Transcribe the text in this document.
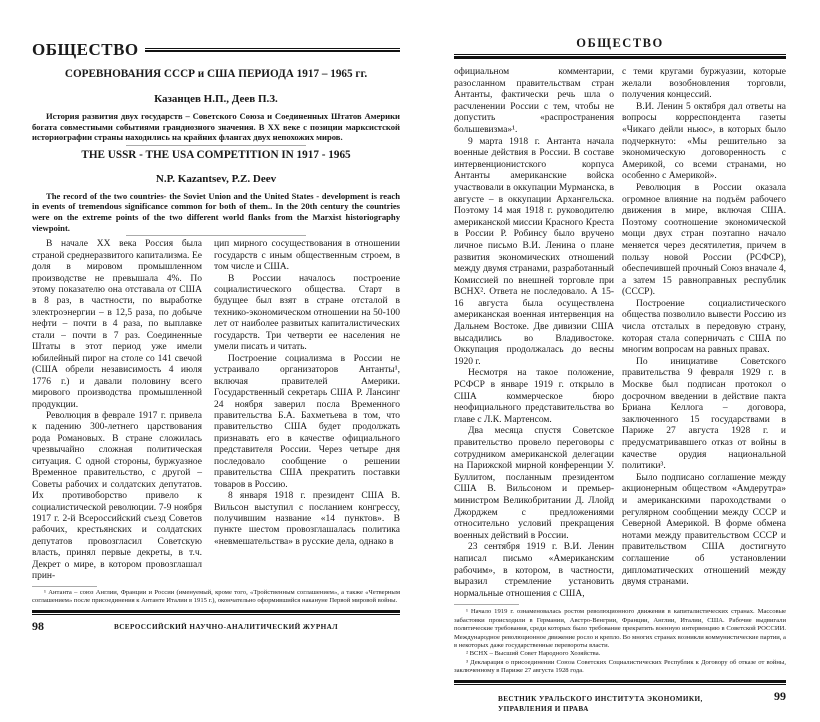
ОБЩЕСТВО
СОРЕВНОВАНИЯ СССР и США ПЕРИОДА 1917 – 1965 гг.
Казанцев Н.П., Деев П.З.
История развития двух государств – Советского Союза и Соединенных Штатов Америки богата совместными событиями грандиозного значения. В XX веке с позиции марксистской историографии страны находились на крайних флангах двух непохожих миров.
THE USSR - THE USA COMPETITION IN 1917 - 1965
N.P. Kazantsev, P.Z. Deev
The record of the two countries- the Soviet Union and the United States - development is reach in events of tremendous significance common for both of them.. In the 20th century the countries were on the extreme points of the two different world flanks from the Marxist historiography viewpoint.

В начале XX века Россия была страной среднеразвитого капитализма. Ее доля в мировом промышленном производстве не превышала 4%. По этому показателю она отставала от США в 8 раз, в частности, по выработке электроэнергии – в 12,5 раза, по добыче нефти – почти в 4 раза, по выплавке стали – почти в 7 раз. Соединенные Штаты в этот период уже имели юбилейный пирог на столе со 141 свечой (США обрели независимость 4 июля 1776 г.) и давали половину всего мирового производства промышленной продукции.

Революция в феврале 1917 г. привела к падению 300-летнего царствования рода Романовых. В стране сложилась чрезвычайно сложная политическая ситуация. С одной стороны, буржуазное Временное правительство, с другой – Советы рабочих и солдатских депутатов. Их противоборство привело к социалистической революции. 7-9 ноября 1917 г. 2-й Всероссийский съезд Советов рабочих, крестьянских и солдатских депутатов провозгласил Советскую власть, принял первые декреты, в т.ч. Декрет о мире, в котором провозглашал прин-

цип мирного сосуществования в отношении государств с иным общественным строем, в том числе и США.

В России началось построение социалистического общества. Старт в будущее был взят в стране отсталой в технико-экономическом отношении на 50-100 лет от наиболее развитых капиталистических государств. Три четверти ее населения не умели писать и читать.

Построение социализма в России не устраивало организаторов Антанты¹, включая правителей Америки. Государственный секретарь США Р. Лансинг 24 ноября заверил посла Временного правительства Б.А. Бахметьева в том, что правительство США будет продолжать признавать его в качестве официального представителя России. Через четыре дня последовало сообщение о решении правительства США прекратить поставки товаров в Россию.

8 января 1918 г. президент США В. Вильсон выступил с посланием конгрессу, получившим название «14 пунктов». В пункте шестом провозглашалась политика «невмешательства» в русские дела, однако в

¹ Антанта – союз Англии, Франции и России (именуемый, кроме того, «Тройственным соглашением», а также «Четверным соглашением» после присоединения к Антанте Италии в 1915 г.), окончательно оформившийся накануне Первой мировой войны.

98	ВСЕРОССИЙСКИЙ НАУЧНО-АНАЛИТИЧЕСКИЙ ЖУРНАЛ
ОБЩЕСТВО

официальном комментарии, разосланном правительствам стран Антанты, фактически речь шла о расчленении России с тем, чтобы не допустить «распространения большевизма»¹.

9 марта 1918 г. Антанта начала военные действия в России. В составе интервенционистского корпуса Антанты американские войска участвовали в оккупации Мурманска, в августе – в оккупации Архангельска. Поэтому 14 мая 1918 г. руководителю американской миссии Красного Креста в России Р. Робинсу было вручено личное письмо В.И. Ленина о плане развития экономических отношений между двумя странами, разработанный Комиссией по внешней торговле при ВСНХ². Ответа не последовало. А 15-16 августа была осуществлена американская военная интервенция на Дальнем Востоке. Две дивизии США высадились во Владивостоке. Оккупация продолжалась до весны 1920 г.

Несмотря на такое положение, РСФСР в январе 1919 г. открыло в США коммерческое бюро неофициального представительства во главе с Л.К. Мартенсом.

Два месяца спустя Советское правительство провело переговоры с сотрудником американской делегации на Парижской мирной конференции У. Буллитом, посланным президентом США В. Вильсоном и премьер-министром Великобритании Д. Ллойд Джорджем с предложениями относительно условий прекращения военных действий в России.

23 сентября 1919 г. В.И. Ленин написал письмо «Американским рабочим», в котором, в частности, выразил стремление установить нормальные отношения с США,

с теми кругами буржуазии, которые желали возобновления торговли, получения концессий.

В.И. Ленин 5 октября дал ответы на вопросы корреспондента газеты «Чикаго дейли ньюс», в которых было подчеркнуто: «Мы решительно за экономическую договоренность с Америкой, со всеми странами, но особенно с Америкой».

Революция в России оказала огромное влияние на подъём рабочего движения в мире, включая США. Поэтому соотношение экономической мощи двух стран поэтапно начало меняется через десятилетия, причем в пользу новой России (РСФСР), обеспечившей прочный Союз вначале 4, а затем 15 равноправных республик (СССР).

Построение социалистического общества позволило вывести Россию из числа отсталых в передовую страну, которая стала соперничать с США по многим вопросам на равных правах.

По инициативе Советского правительства 9 февраля 1929 г. в Москве был подписан протокол о досрочном введении в действие пакта Бриана Келлога – договора, заключенного 15 государствами в Париже 27 августа 1928 г. и предусматривавшего отказ от войны в качестве орудия национальной политики³.

Было подписано соглашение между акционерным обществом «Амдерутра» и американскими пароходствами о регулярном сообщении между СССР и Северной Америкой. В форме обмена нотами между правительством СССР и правительством США достигнуто соглашение об установлении дипломатических отношений между двумя странами.

¹ Начало 1919 г. ознаменовалась ростом революционного движения в капиталистических странах. Массовые забастовки происходили в Германии, Австро-Венгрии, Франции, Англии, Италии, США. Рабочие выдвигали политические требования, среди которых было требование прекратить военную интервенцию в Советской РОССИИ. Международное революционное движение росло и крепло. Во многих странах возникли коммунистические партии, а в некоторых даже государственные перевороты власти.

² ВСНХ – Высший Совет Народного Хозяйства.

³ Декларация о присоединении Союза Советских Социалистических Республик к Договору об отказе от войны, заключенному в Париже 27 августа 1928 года.

ВЕСТНИК УРАЛЬСКОГО ИНСТИТУТА ЭКОНОМИКИ, УПРАВЛЕНИЯ И ПРАВА
99
